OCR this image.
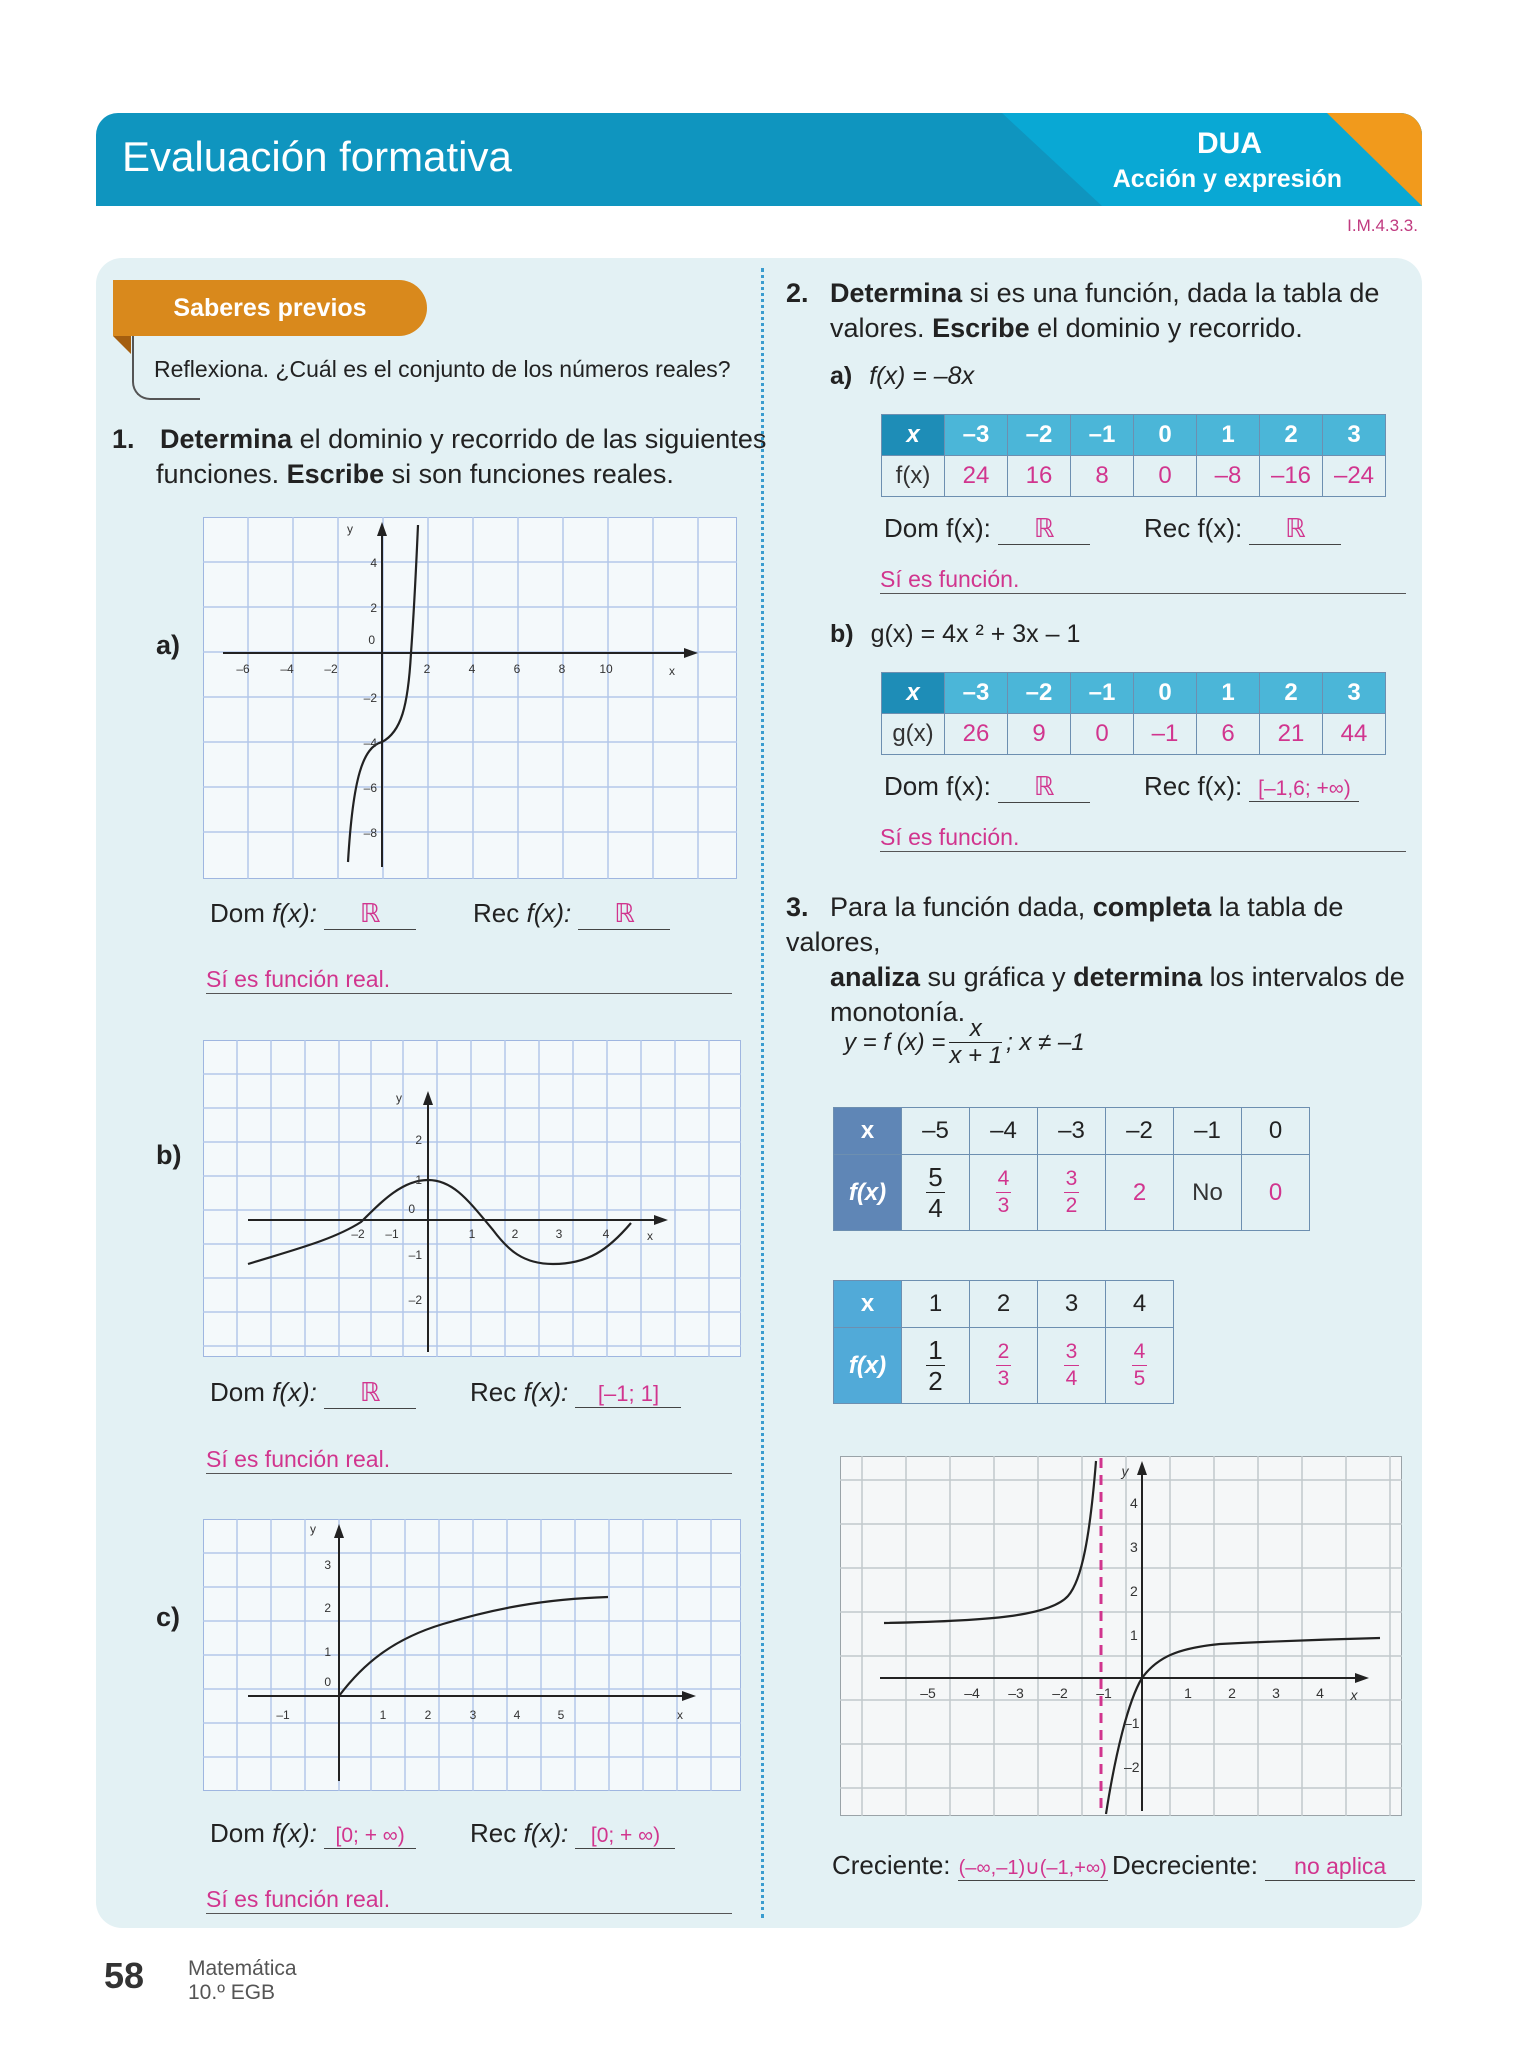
Evaluación formativa	DUA
Acción y expresión
I.M.4.3.3.
Saberes previos
Reflexiona. ¿Cuál es el conjunto de los números reales?
1. Determina el dominio y recorrido de las siguientes
funciones. Escribe si son funciones reales.
a)
–6	–4	–2	2	4	6	8	10	x
y
4
2
0
–2
–4
–6
–8
Dom f(x): ℝ	Rec f(x): ℝ
Sí es función real.
b)
–2 –1	1	2	3	4	x
y
2
1
0
–1
–2
Dom f(x): ℝ	Rec f(x): [–1; 1]
Sí es función real.
c)
–1	1	2	3	4	5	x
y
3
2
1
0
Dom f(x): [0; + ∞)	Rec f(x): [0; + ∞)
Sí es función real.
2. Determina si es una función, dada la tabla de
valores. Escribe el dominio y recorrido.
a) f(x) = –8x
x	–3	–2	–1	0	1	2	3
f(x)	24	16	8	0	–8	–16	–24
Dom f(x): ℝ	Rec f(x): ℝ
Sí es función.
b) g(x) = 4x ² + 3x – 1
x	–3	–2	–1	0	1	2	3
g(x)	26	9	0	–1	6	21	44
Dom f(x): ℝ	Rec f(x): [–1,6; +∞)
Sí es función.
3. Para la función dada, completa la tabla de valores,
analiza su gráfica y determina los intervalos de
monotonía.
y = f $(x) = \frac{x}{x + 1}$ ; x ≠ –1
x	–5	–4	–3	–2	–1	0
f(x)	$\frac{5}{4}$	$\frac{4}{3}$	$\frac{3}{2}$	2	No	0
x	1	2	3	4
f(x)	$\frac{1}{2}$	$\frac{2}{3}$	$\frac{3}{4}$	$\frac{4}{5}$
–5 –4 –3 –2 –1	1	2	3	4 x
y
4
3
2
1
–1
–2
Creciente: (–∞,–1)∪(–1,+∞) Decreciente: no aplica
58 Matemática
10.º EGB
